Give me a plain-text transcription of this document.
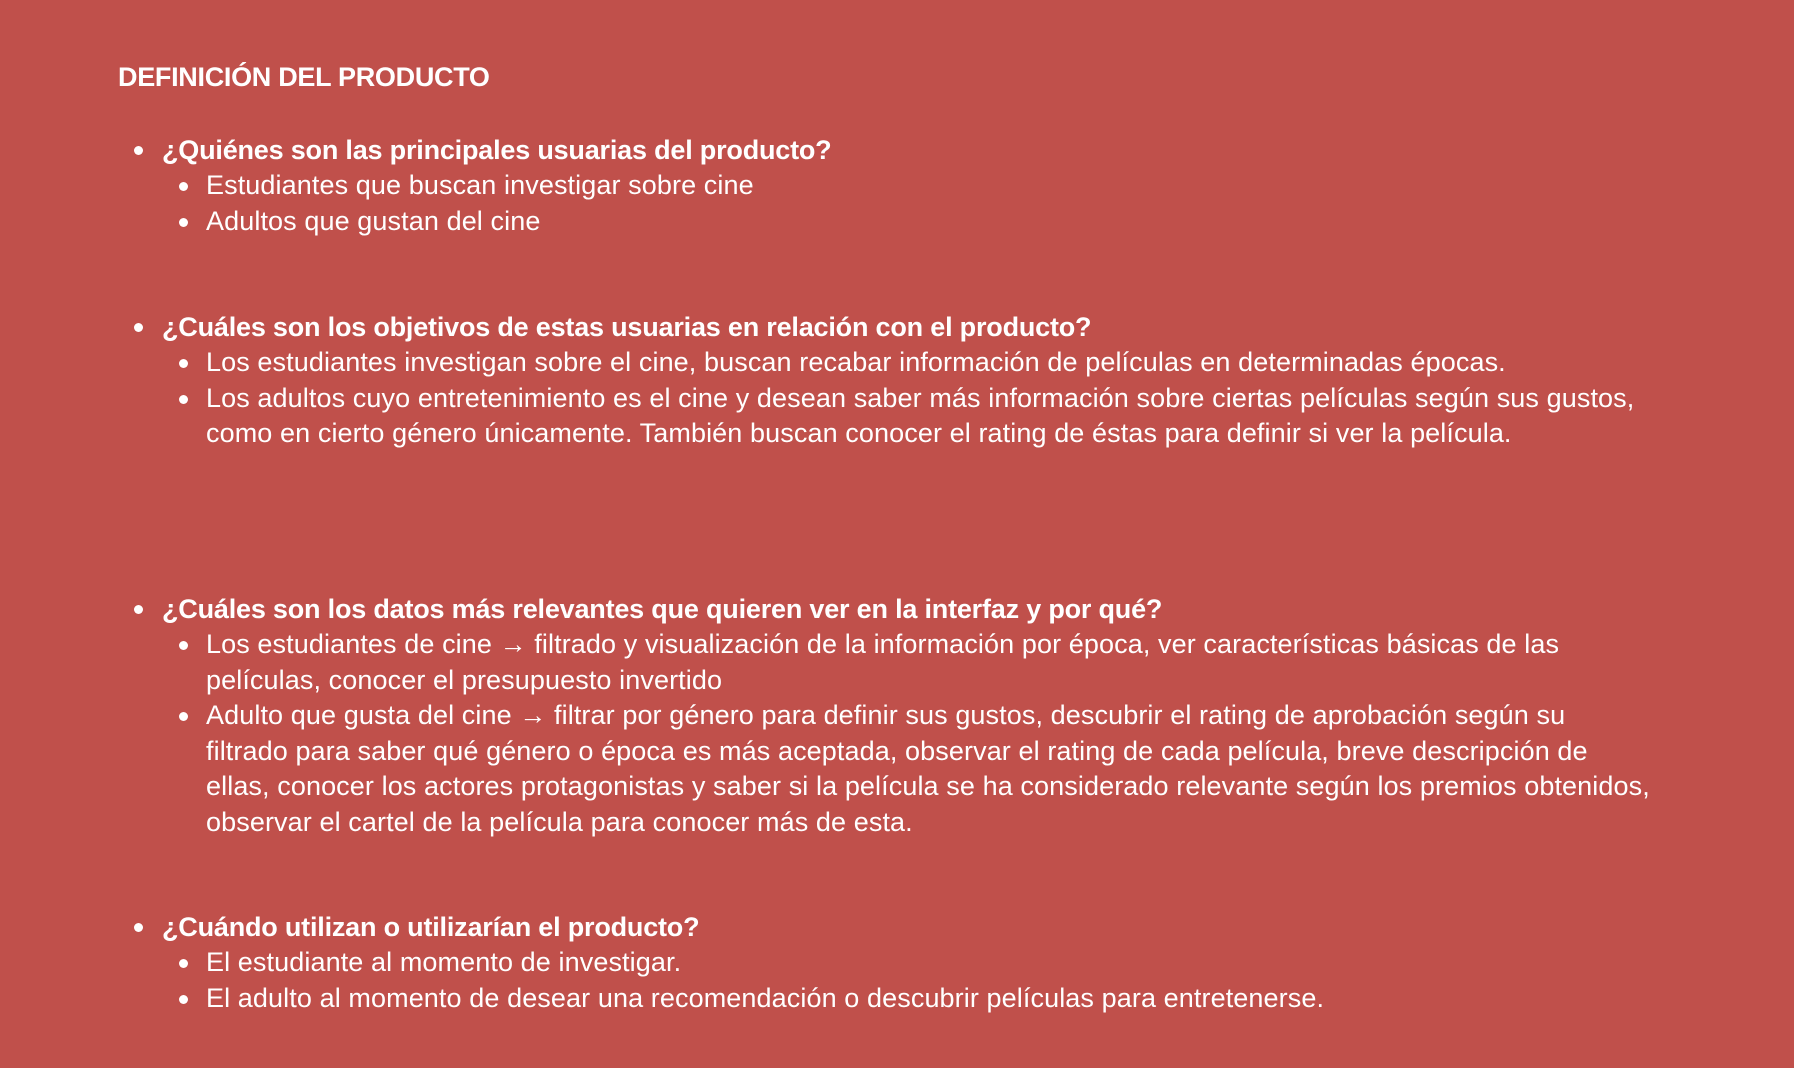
DEFINICIÓN DEL PRODUCTO
¿Quiénes son las principales usuarias del producto?
Estudiantes que buscan investigar sobre cine
Adultos que gustan del cine
¿Cuáles son los objetivos de estas usuarias en relación con el producto?
Los estudiantes investigan sobre el cine, buscan recabar información de películas en determinadas épocas.
Los adultos cuyo entretenimiento es el cine y desean saber más información sobre ciertas películas según sus gustos, como en cierto género únicamente. También buscan conocer el rating de éstas para definir si ver la película.
¿Cuáles son los datos más relevantes que quieren ver en la interfaz y por qué?
Los estudiantes de cine → filtrado y visualización de la información por época, ver características básicas de las películas, conocer el presupuesto invertido
Adulto que gusta del cine → filtrar por género para definir sus gustos, descubrir el rating de aprobación según su filtrado para saber qué género o época es más aceptada, observar el rating de cada película, breve descripción de ellas, conocer los actores protagonistas y saber si la película se ha considerado relevante según los premios obtenidos, observar el cartel de la película para conocer más de esta.
¿Cuándo utilizan o utilizarían el producto?
El estudiante al momento de investigar.
El adulto al momento de desear una recomendación o descubrir películas para entretenerse.
